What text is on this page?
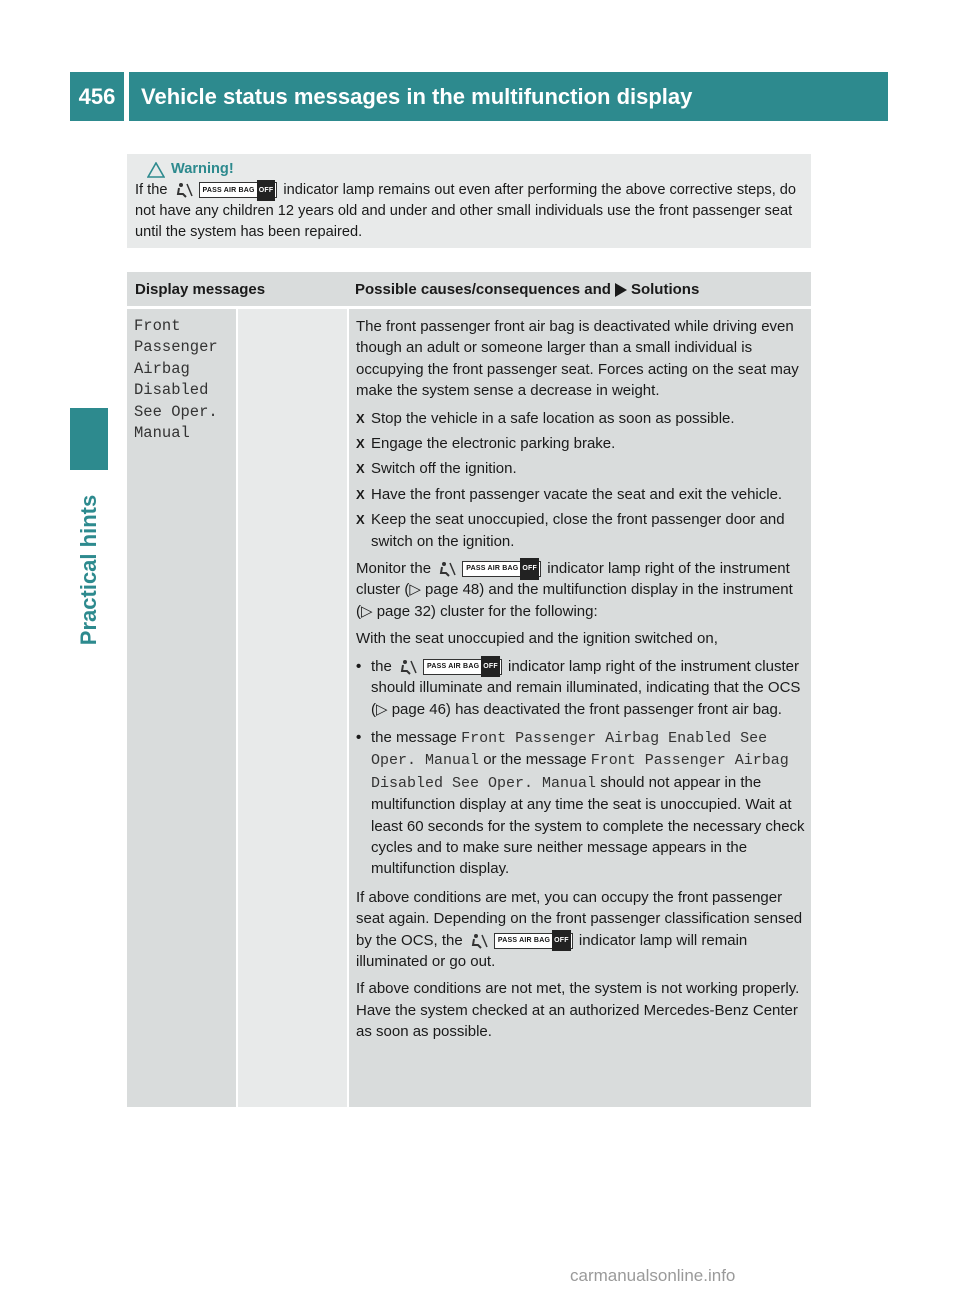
456	Vehicle status messages in the multifunction display
Practical hints
Warning!
If the	PASS AIR BAG OFF indicator lamp remains out even after performing the above corrective steps, do not have any children 12 years old and under and other small individuals use the front passenger seat until the system has been repaired.
Display messages	Possible causes/consequences and Solutions
Front
Passenger
Airbag
Disabled
See Oper.
Manual

The front passenger front air bag is deactivated while driving even though an adult or someone larger than a small individual is occupying the front passenger seat. Forces acting on the seat may make the system sense a decrease in weight.

X Stop the vehicle in a safe location as soon as possible.
X Engage the electronic parking brake.
X Switch off the ignition.
X Have the front passenger vacate the seat and exit the vehicle.
X Keep the seat unoccupied, close the front passenger door and switch on the ignition.

Monitor the	PASS AIR BAG OFF indicator lamp right of the instrument cluster (▷ page 48) and the multifunction display in the instrument (▷ page 32) cluster for the following:

With the seat unoccupied and the ignition switched on,

• the	PASS AIR BAG OFF indicator lamp right of the instrument cluster should illuminate and remain illuminated, indicating that the OCS (▷ page 46) has deactivated the front passenger front air bag.
• the message Front Passenger Airbag Enabled See Oper. Manual or the message Front Passenger Airbag Disabled See Oper. Manual should not appear in the multifunction display at any time the seat is unoccupied. Wait at least 60 seconds for the system to complete the necessary check cycles and to make sure neither message appears in the multifunction display.

If above conditions are met, you can occupy the front passenger seat again. Depending on the front passenger classification sensed by the OCS, the	PASS AIR BAG OFF indicator lamp will remain illuminated or go out.

If above conditions are not met, the system is not working properly. Have the system checked at an authorized Mercedes-Benz Center as soon as possible.

carmanualsonline.info
